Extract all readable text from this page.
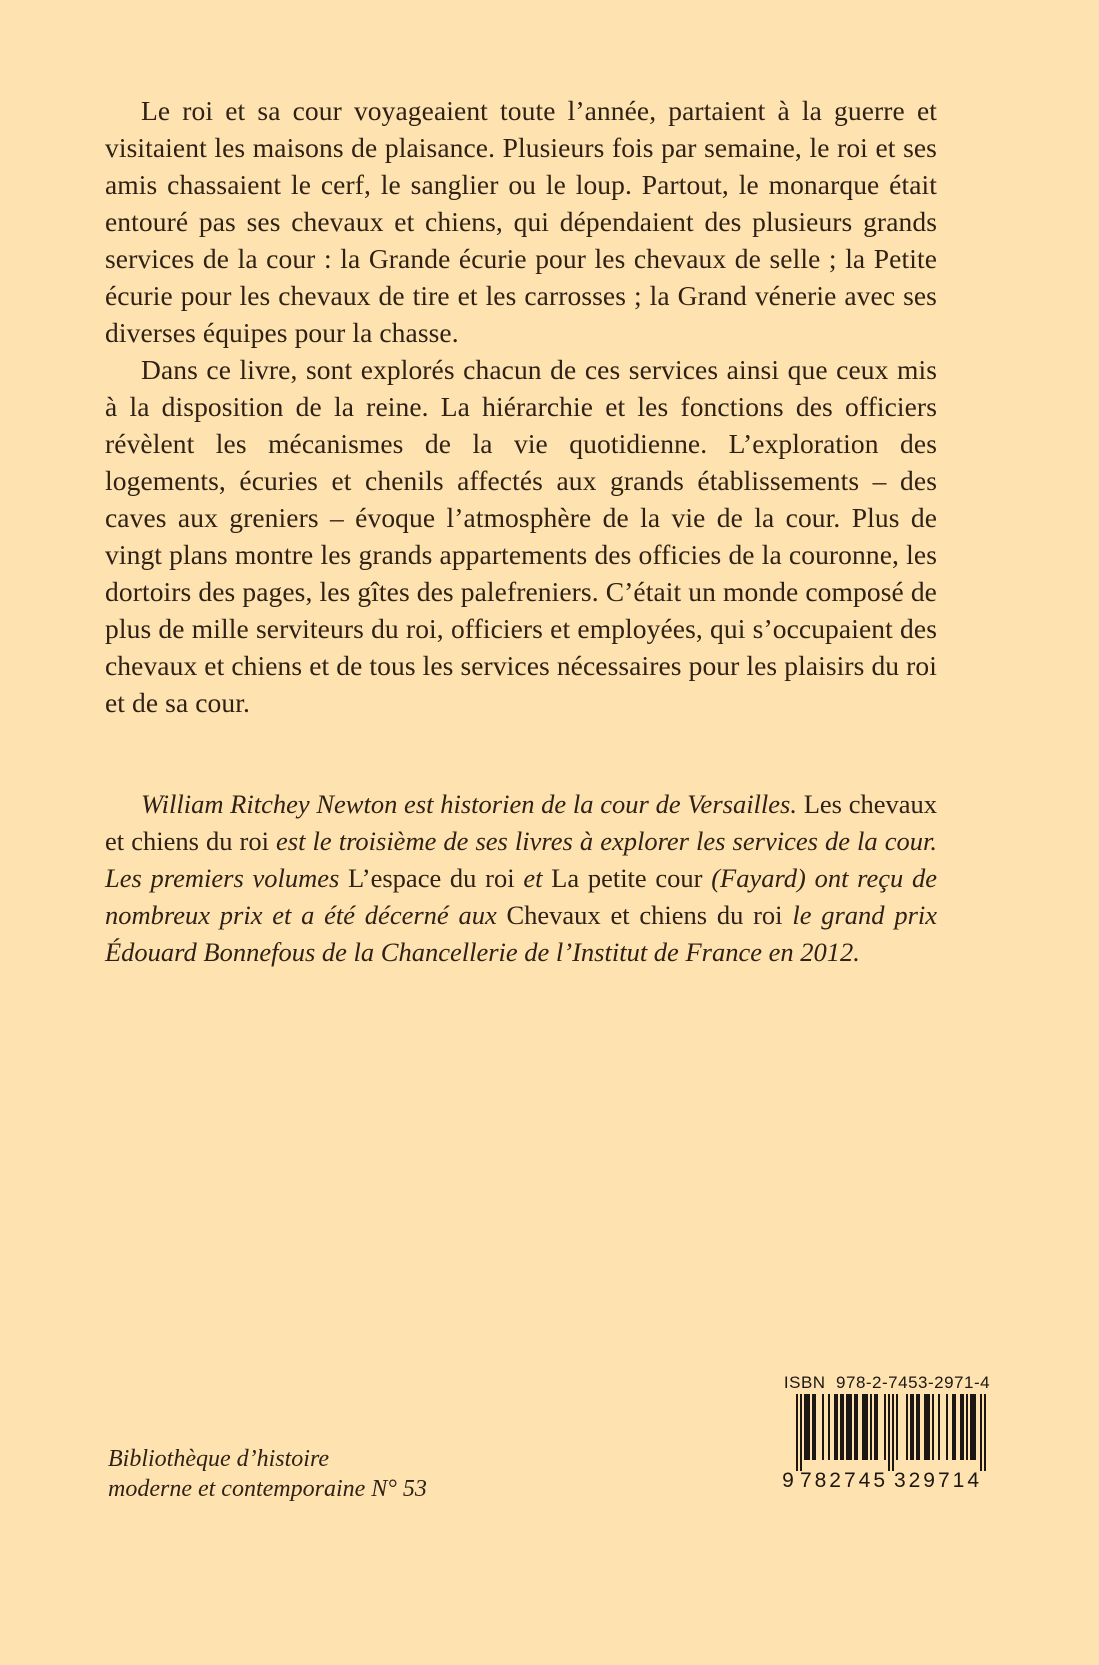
Le roi et sa cour voyageaient toute l’année, partaient à la guerre et visitaient les maisons de plaisance. Plusieurs fois par semaine, le roi et ses amis chassaient le cerf, le sanglier ou le loup. Partout, le monarque était entouré pas ses chevaux et chiens, qui dépendaient des plusieurs grands services de la cour : la Grande écurie pour les chevaux de selle ; la Petite écurie pour les chevaux de tire et les carrosses ; la Grand vénerie avec ses diverses équipes pour la chasse.

Dans ce livre, sont explorés chacun de ces services ainsi que ceux mis à la disposition de la reine. La hiérarchie et les fonctions des officiers révèlent les mécanismes de la vie quotidienne. L’exploration des logements, écuries et chenils affectés aux grands établissements – des caves aux greniers – évoque l’atmosphère de la vie de la cour. Plus de vingt plans montre les grands appartements des officies de la couronne, les dortoirs des pages, les gîtes des palefreniers. C’était un monde composé de plus de mille serviteurs du roi, officiers et employées, qui s’occupaient des chevaux et chiens et de tous les services nécessaires pour les plaisirs du roi et de sa cour.

William Ritchey Newton est historien de la cour de Versailles. Les chevaux et chiens du roi est le troisième de ses livres à explorer les services de la cour. Les premiers volumes L’espace du roi et La petite cour (Fayard) ont reçu de nombreux prix et a été décerné aux Chevaux et chiens du roi le grand prix Édouard Bonnefous de la Chancellerie de l’Institut de France en 2012.
ISBN  978-2-7453-2971-4
9 782745 329714
Bibliothèque d’histoire
moderne et contemporaine N° 53
